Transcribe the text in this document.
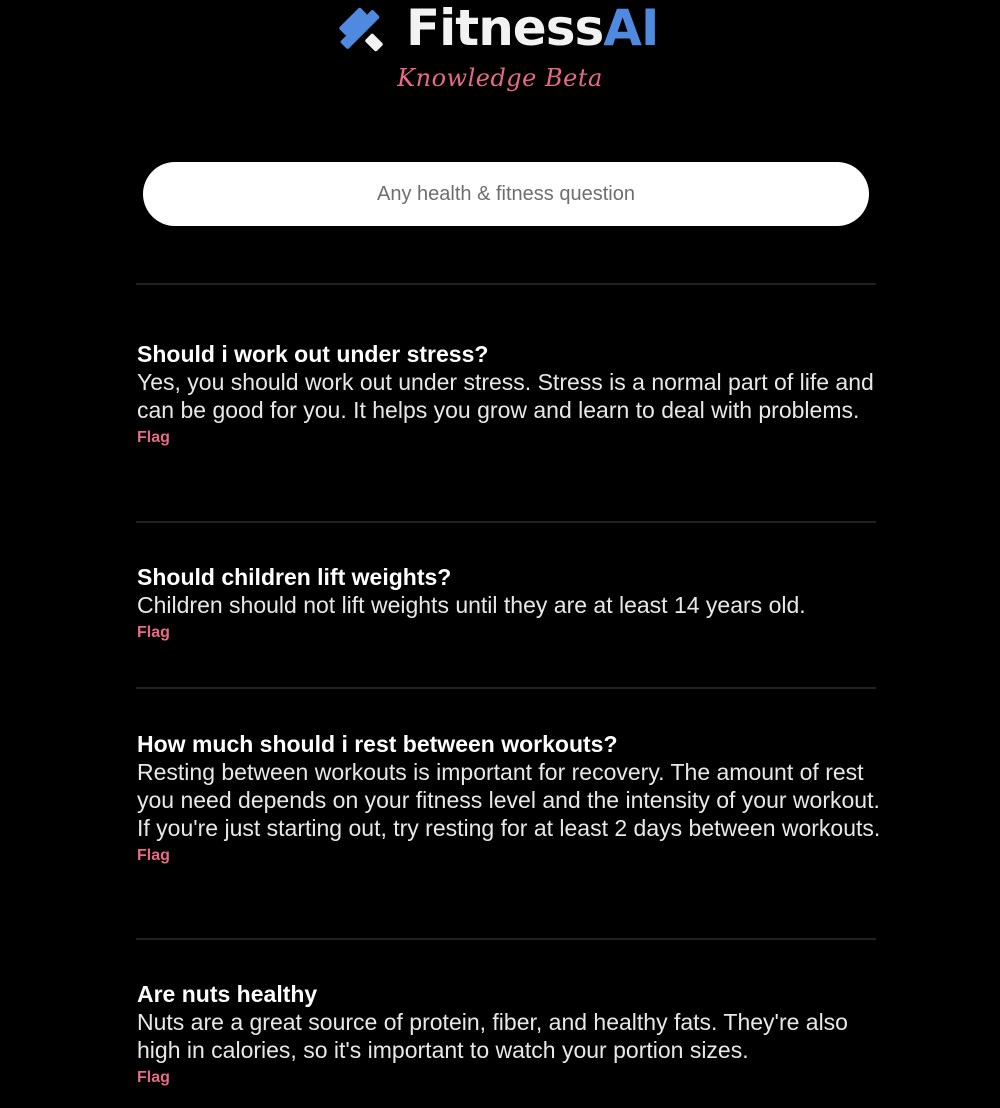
FitnessAI
Knowledge Beta
Any health & fitness question

Should i work out under stress?

Yes, you should work out under stress. Stress is a normal part of life and can be good for you. It helps you grow and learn to deal with problems.

Flag

Should children lift weights?

Children should not lift weights until they are at least 14 years old.

Flag

How much should i rest between workouts?

Resting between workouts is important for recovery. The amount of rest you need depends on your fitness level and the intensity of your workout. If you're just starting out, try resting for at least 2 days between workouts.

Flag

Are nuts healthy

Nuts are a great source of protein, fiber, and healthy fats. They're also high in calories, so it's important to watch your portion sizes.

Flag
